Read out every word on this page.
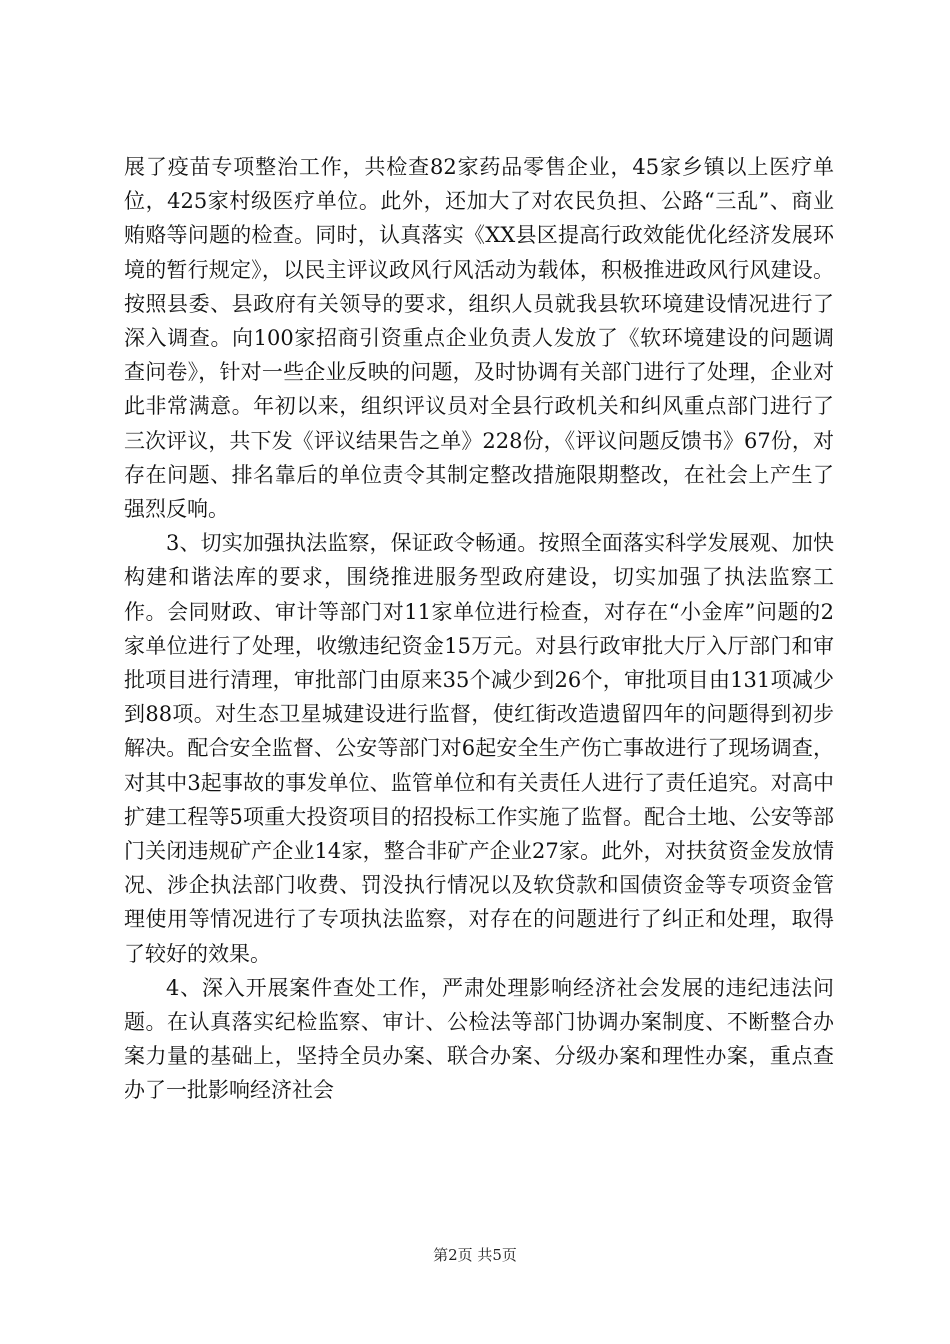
展了疫苗专项整治工作，共检查82家药品零售企业，45家乡镇以上医疗单位，425家村级医疗单位。此外，还加大了对农民负担、公路“三乱”、商业贿赂等问题的检查。同时，认真落实《XX县区提高行政效能优化经济发展环境的暂行规定》，以民主评议政风行风活动为载体，积极推进政风行风建设。按照县委、县政府有关领导的要求，组织人员就我县软环境建设情况进行了深入调查。向100家招商引资重点企业负责人发放了《软环境建设的问题调查问卷》，针对一些企业反映的问题，及时协调有关部门进行了处理，企业对此非常满意。年初以来，组织评议员对全县行政机关和纠风重点部门进行了三次评议，共下发《评议结果告之单》228份，《评议问题反馈书》67份，对存在问题、排名靠后的单位责令其制定整改措施限期整改，在社会上产生了强烈反响。

3、切实加强执法监察，保证政令畅通。按照全面落实科学发展观、加快构建和谐法库的要求，围绕推进服务型政府建设，切实加强了执法监察工作。会同财政、审计等部门对11家单位进行检查，对存在“小金库”问题的2家单位进行了处理，收缴违纪资金15万元。对县行政审批大厅入厅部门和审批项目进行清理，审批部门由原来35个减少到26个，审批项目由131项减少到88项。对生态卫星城建设进行监督，使红街改造遗留四年的问题得到初步解决。配合安全监督、公安等部门对6起安全生产伤亡事故进行了现场调查，对其中3起事故的事发单位、监管单位和有关责任人进行了责任追究。对高中扩建工程等5项重大投资项目的招投标工作实施了监督。配合土地、公安等部门关闭违规矿产企业14家，整合非矿产企业27家。此外，对扶贫资金发放情况、涉企执法部门收费、罚没执行情况以及软贷款和国债资金等专项资金管理使用等情况进行了专项执法监察，对存在的问题进行了纠正和处理，取得了较好的效果。

4、深入开展案件查处工作，严肃处理影响经济社会发展的违纪违法问题。在认真落实纪检监察、审计、公检法等部门协调办案制度、不断整合办案力量的基础上，坚持全员办案、联合办案、分级办案和理性办案，重点查办了一批影响经济社会

第2页 共5页
